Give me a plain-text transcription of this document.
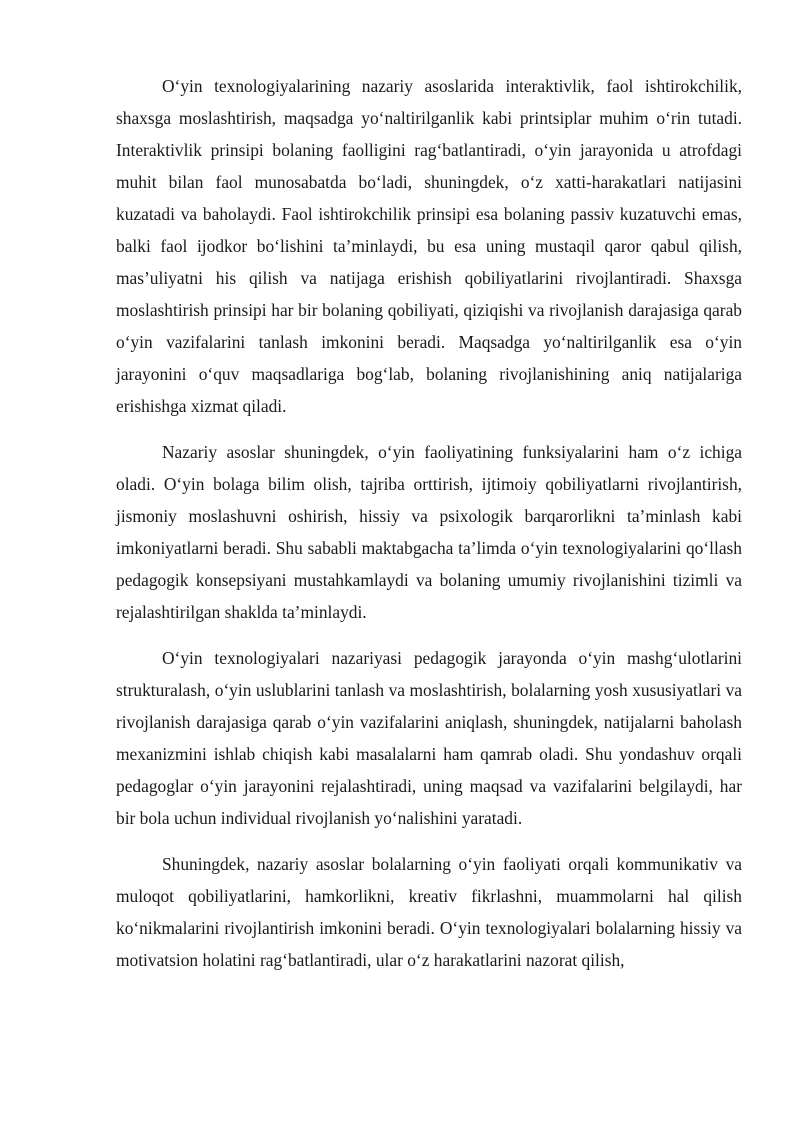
O‘yin texnologiyalarining nazariy asoslarida interaktivlik, faol ishtirokchilik, shaxsga moslashtirish, maqsadga yo‘naltirilganlik kabi printsiplar muhim o‘rin tutadi. Interaktivlik prinsipi bolaning faolligini rag‘batlantiradi, o‘yin jarayonida u atrofdagi muhit bilan faol munosabatda bo‘ladi, shuningdek, o‘z xatti-harakatlari natijasini kuzatadi va baholaydi. Faol ishtirokchilik prinsipi esa bolaning passiv kuzatuvchi emas, balki faol ijodkor bo‘lishini ta’minlaydi, bu esa uning mustaqil qaror qabul qilish, mas’uliyatni his qilish va natijaga erishish qobiliyatlarini rivojlantiradi. Shaxsga moslashtirish prinsipi har bir bolaning qobiliyati, qiziqishi va rivojlanish darajasiga qarab o‘yin vazifalarini tanlash imkonini beradi. Maqsadga yo‘naltirilganlik esa o‘yin jarayonini o‘quv maqsadlariga bog‘lab, bolaning rivojlanishining aniq natijalariga erishishga xizmat qiladi.

Nazariy asoslar shuningdek, o‘yin faoliyatining funksiyalarini ham o‘z ichiga oladi. O‘yin bolaga bilim olish, tajriba orttirish, ijtimoiy qobiliyatlarni rivojlantirish, jismoniy moslashuvni oshirish, hissiy va psixologik barqarorlikni ta’minlash kabi imkoniyatlarni beradi. Shu sababli maktabgacha ta’limda o‘yin texnologiyalarini qo‘llash pedagogik konsepsiyani mustahkamlaydi va bolaning umumiy rivojlanishini tizimli va rejalashtirilgan shaklda ta’minlaydi.

O‘yin texnologiyalari nazariyasi pedagogik jarayonda o‘yin mashg‘ulotlarini strukturalash, o‘yin uslublarini tanlash va moslashtirish, bolalarning yosh xususiyatlari va rivojlanish darajasiga qarab o‘yin vazifalarini aniqlash, shuningdek, natijalarni baholash mexanizmini ishlab chiqish kabi masalalarni ham qamrab oladi. Shu yondashuv orqali pedagoglar o‘yin jarayonini rejalashtiradi, uning maqsad va vazifalarini belgilaydi, har bir bola uchun individual rivojlanish yo‘nalishini yaratadi.

Shuningdek, nazariy asoslar bolalarning o‘yin faoliyati orqali kommunikativ va muloqot qobiliyatlarini, hamkorlikni, kreativ fikrlashni, muammolarni hal qilish ko‘nikmalarini rivojlantirish imkonini beradi. O‘yin texnologiyalari bolalarning hissiy va motivatsion holatini rag‘batlantiradi, ular o‘z harakatlarini nazorat qilish,
